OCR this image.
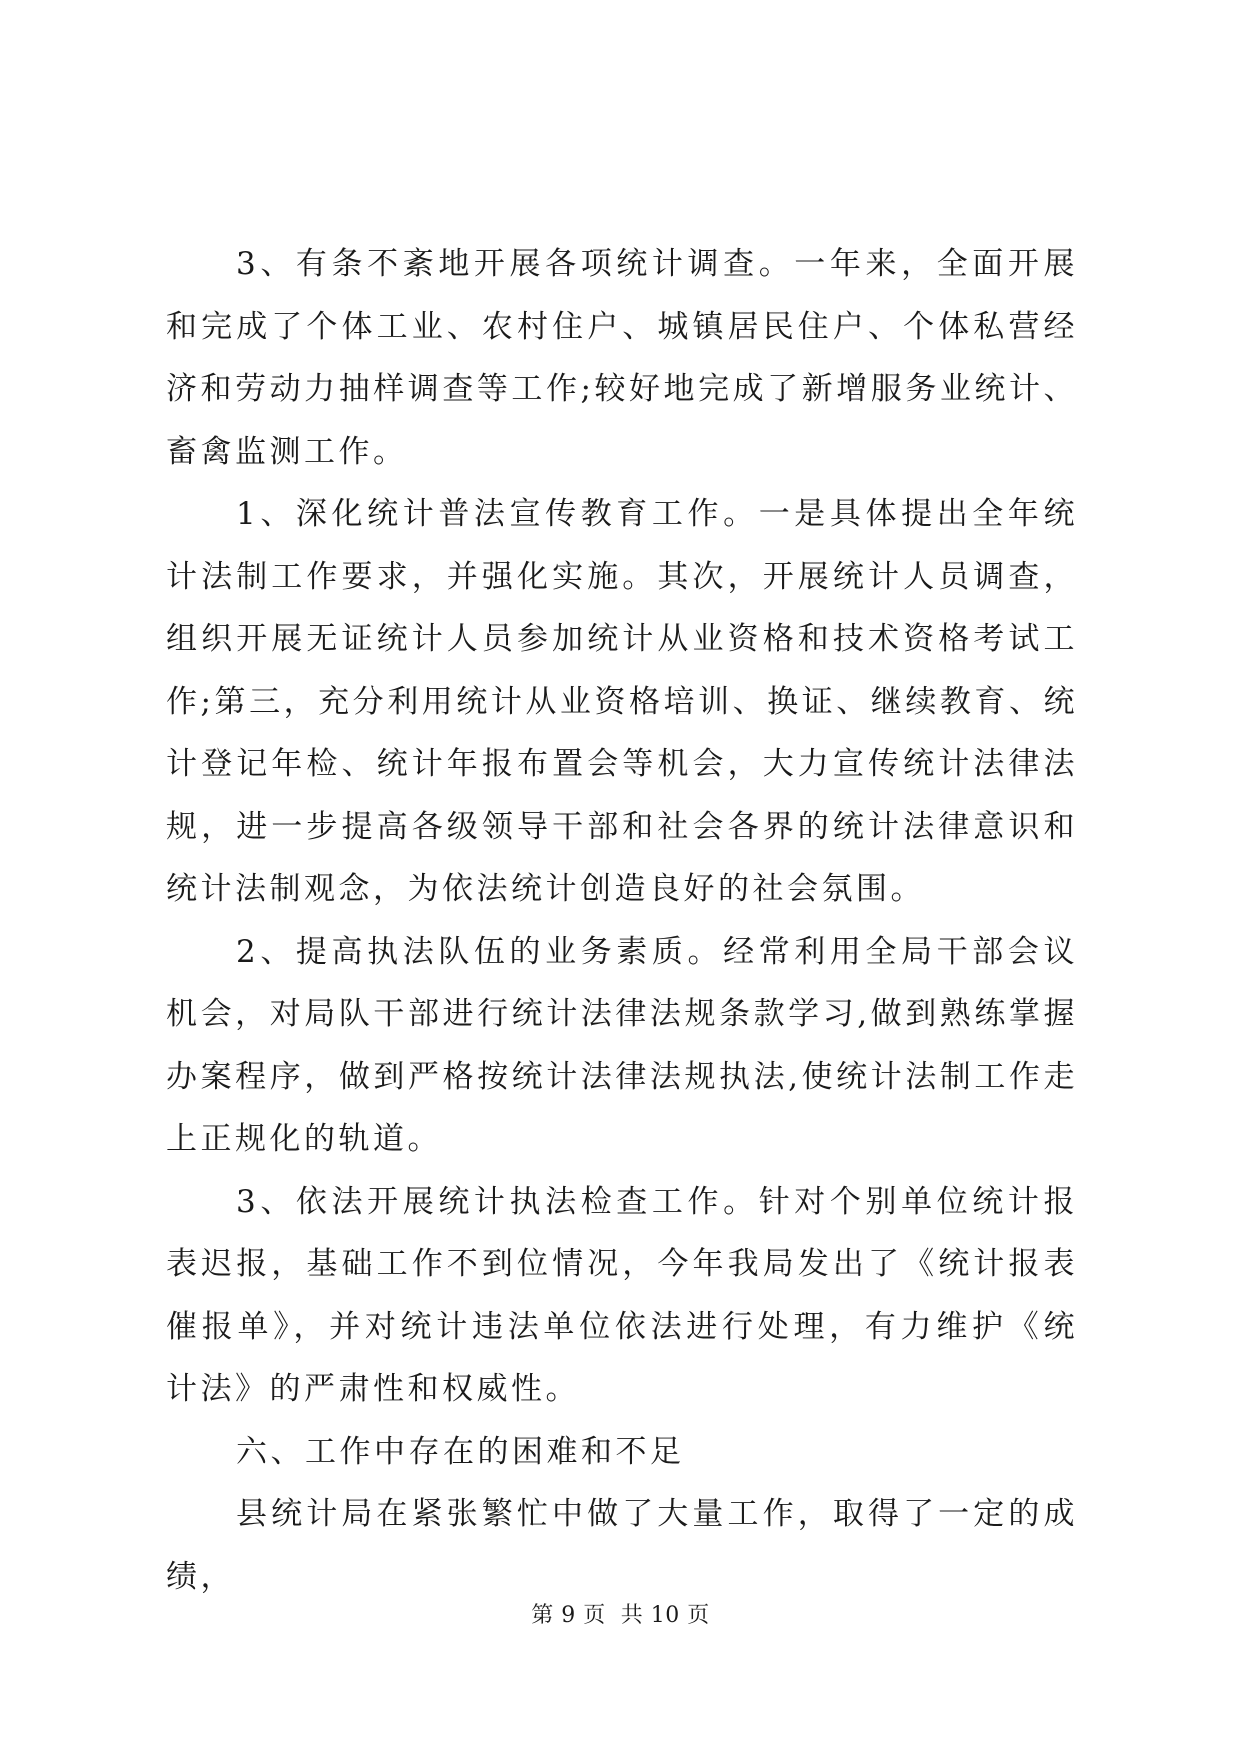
3、有条不紊地开展各项统计调查。一年来，全面开展和完成了个体工业、农村住户、城镇居民住户、个体私营经济和劳动力抽样调查等工作;较好地完成了新增服务业统计、畜禽监测工作。

1、深化统计普法宣传教育工作。一是具体提出全年统计法制工作要求，并强化实施。其次，开展统计人员调查，组织开展无证统计人员参加统计从业资格和技术资格考试工作;第三，充分利用统计从业资格培训、换证、继续教育、统计登记年检、统计年报布置会等机会，大力宣传统计法律法规，进一步提高各级领导干部和社会各界的统计法律意识和统计法制观念，为依法统计创造良好的社会氛围。

2、提高执法队伍的业务素质。经常利用全局干部会议机会，对局队干部进行统计法律法规条款学习,做到熟练掌握办案程序，做到严格按统计法律法规执法,使统计法制工作走上正规化的轨道。

3、依法开展统计执法检查工作。针对个别单位统计报表迟报，基础工作不到位情况，今年我局发出了《统计报表催报单》，并对统计违法单位依法进行处理，有力维护《统计法》的严肃性和权威性。

六、工作中存在的困难和不足

县统计局在紧张繁忙中做了大量工作，取得了一定的成绩，

第 9 页  共 10 页
